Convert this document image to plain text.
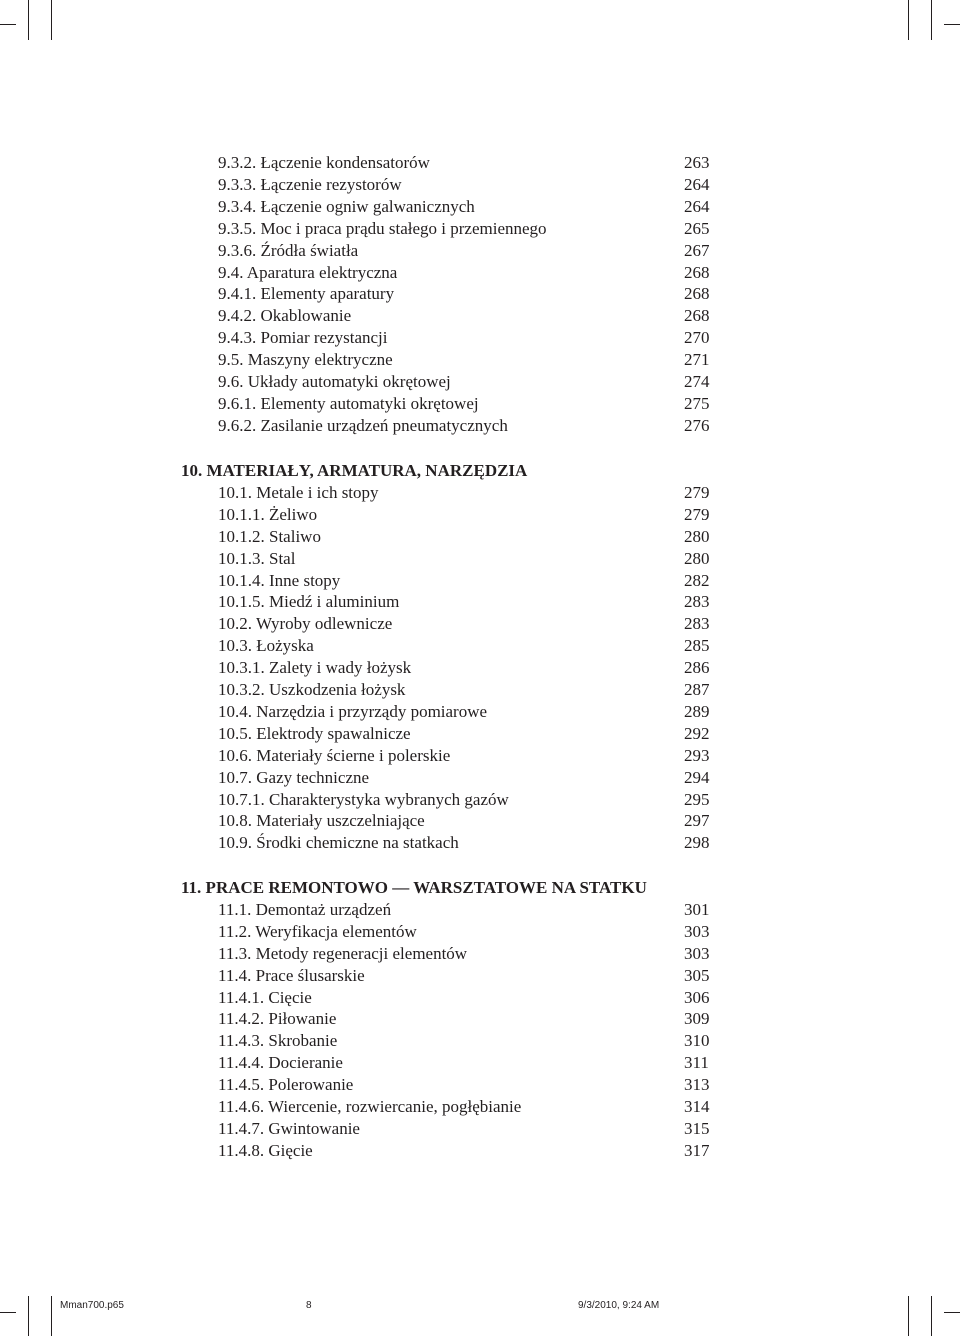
9.3.2. Łączenie kondensatorów	263
9.3.3. Łączenie rezystorów	264
9.3.4. Łączenie ogniw galwanicznych	264
9.3.5. Moc i praca prądu stałego i przemiennego	265
9.3.6. Źródła światła	267
9.4. Aparatura elektryczna	268
9.4.1. Elementy aparatury	268
9.4.2. Okablowanie	268
9.4.3. Pomiar rezystancji	270
9.5. Maszyny elektryczne	271
9.6. Układy automatyki okrętowej	274
9.6.1. Elementy automatyki okrętowej	275
9.6.2. Zasilanie urządzeń pneumatycznych	276
10. MATERIAŁY, ARMATURA, NARZĘDZIA
10.1. Metale i ich stopy	279
10.1.1. Żeliwo	279
10.1.2. Staliwo	280
10.1.3. Stal	280
10.1.4. Inne stopy	282
10.1.5. Miedź i aluminium	283
10.2. Wyroby odlewnicze	283
10.3. Łożyska	285
10.3.1. Zalety i wady łożysk	286
10.3.2. Uszkodzenia łożysk	287
10.4. Narzędzia i przyrządy pomiarowe	289
10.5. Elektrody spawalnicze	292
10.6. Materiały ścierne i polerskie	293
10.7. Gazy techniczne	294
10.7.1. Charakterystyka wybranych gazów	295
10.8. Materiały uszczelniające	297
10.9. Środki chemiczne na statkach	298
11. PRACE REMONTOWO — WARSZTATOWE NA STATKU
11.1. Demontaż urządzeń	301
11.2. Weryfikacja elementów	303
11.3. Metody regeneracji elementów	303
11.4. Prace ślusarskie	305
11.4.1. Cięcie	306
11.4.2. Piłowanie	309
11.4.3. Skrobanie	310
11.4.4. Docieranie	311
11.4.5. Polerowanie	313
11.4.6. Wiercenie, rozwiercanie, pogłębianie	314
11.4.7. Gwintowanie	315
11.4.8. Gięcie	317
Mman700.p65	8	9/3/2010, 9:24 AM
